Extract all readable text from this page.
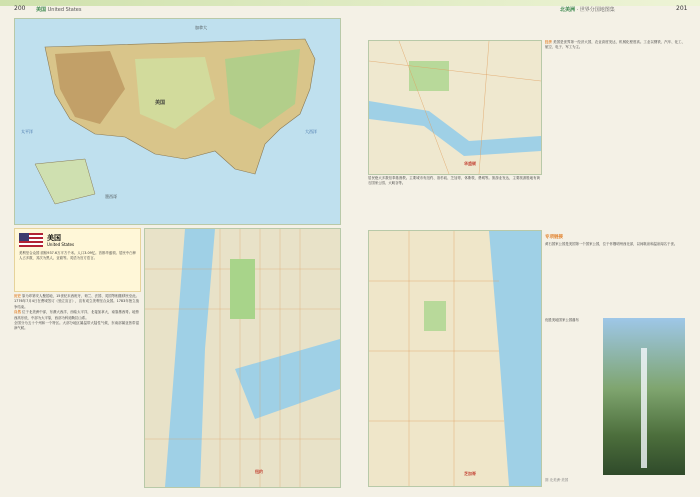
200 美国 United States	北美洲 · 世界分国地图集	201
美国
太平洋	大西洋
加拿大
墨西哥
美国
United States
美利坚合众国 面积937.6万平方千米。人口3.09亿。首都华盛顿。居民中白种人占多数，其次为黑人、亚裔等。英语为官方语言。
历史 原为印第安人聚居地，15世纪末西班牙、荷兰、法国、英国等相继移民至此。1776年7月4日在费城签订《独立宣言》，宣布成立美利坚合众国。1783年独立战争结束。
自然 位于北美洲中部，东濒大西洋，西临太平洋，北接加拿大，南靠墨西哥。地势西高东低，中部为大平原，西部为科迪勒拉山系。
全国分为五十个州和一个特区。大部分地区属温带大陆性气候，东南部属亚热带湿润气候。
纽约
华盛顿
经济 美国是世界第一经济大国，农业高度发达，机械化程度高。工业以钢铁、汽车、化工、航空、电子、军工为主。
居民绝大多数信奉基督教。主要城市有纽约、洛杉矶、芝加哥、休斯敦、费城等。旅游业发达，主要旅游胜地有黄石国家公园、大峡谷等。
芝加哥
专项链接
黄石国家公园是美国第一个国家公园，位于怀俄明州西北部，以间歇泉和温泉闻名于世。
优胜美地国家公园瀑布
图 北美洲·美国
